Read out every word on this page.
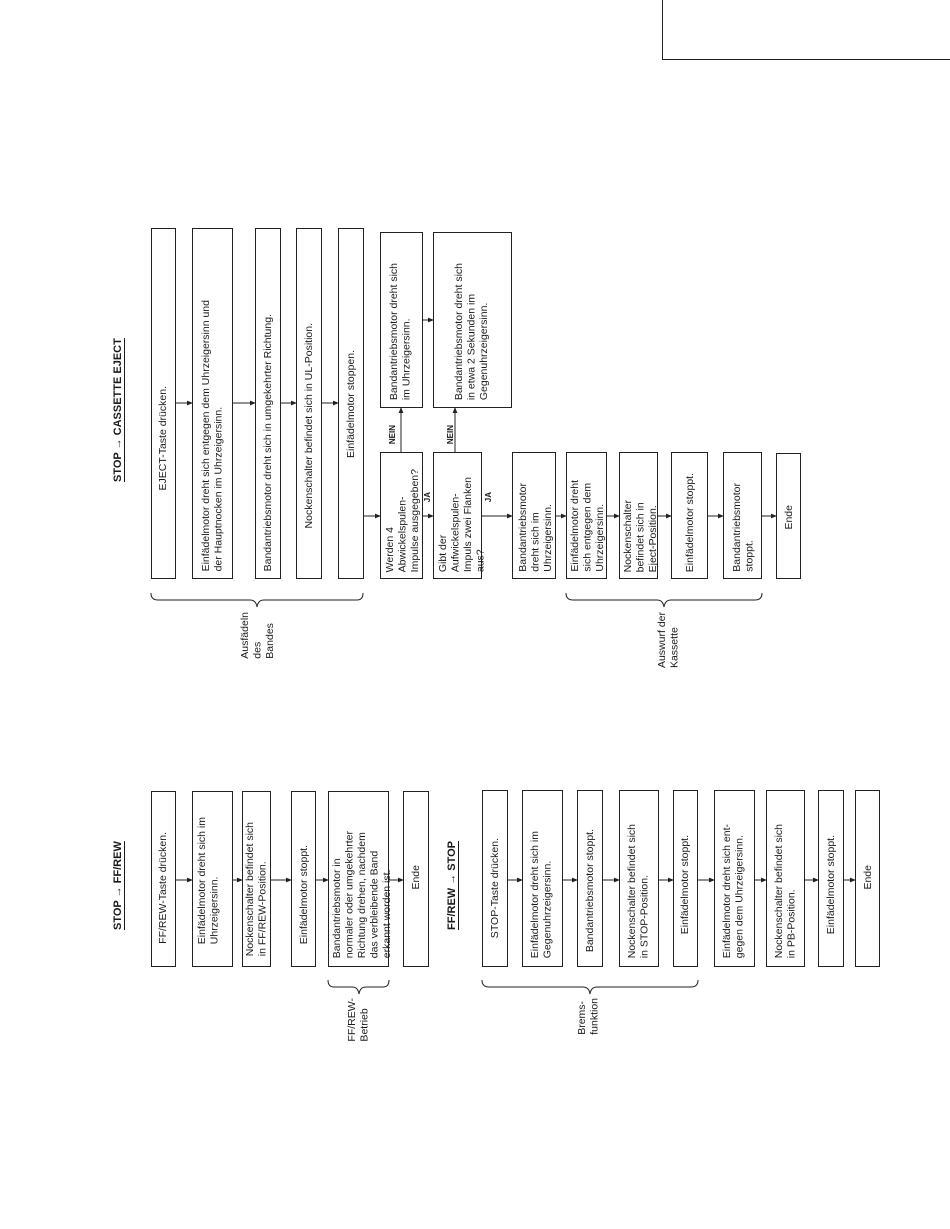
STOP → CASSETTE EJECT	EJECT-Taste drücken.
Einfädelmotor dreht sich entgegen dem Uhrzeigersinn und
der Hauptnocken im Uhrzeigersinn.	Bandantriebsmotor dreht sich in umgekehrter Richtung.	Nockenschalter befindet sich in UL-Position.	Einfädelmotor stoppen.
Werden 4
Abwickelspulen-
Impulse ausgegeben?
NEIN
JA
Bandantriebsmotor dreht sich
im Uhrzeigersinn.
Gibt der
Aufwickelspulen-
Impuls zwei Flanken
aus?
NEIN
JA
Bandantriebsmotor dreht sich
in etwa 2 Sekunden im
Gegenuhrzeigersinn.
Bandantriebsmotor
dreht sich im
Uhrzeigersinn. Einfädelmotor dreht
sich entgegen dem
Uhrzeigersinn. Nockenschalter
befindet sich in
Eject-Position. Einfädelmotor stoppt.	Bandantriebsmotor
stoppt.
Ende
Ausfädeln
des
Bandes	Auswurf der
Kassette
STOP → FF/REW	FF/REW-Taste drücken.	Einfädelmotor dreht sich im
Uhrzeigersinn. Nockenschalter befindet sich
in FF/REW-Position.	Einfädelmotor stoppt. Bandantriebsmotor in
normaler oder umgekehrter
Richtung drehen, nachdem
das verbleibende Band
erkannt worden ist. Ende
FF/REW-
Betrieb
FF/REW → STOP	STOP-Taste drücken.	Einfädelmotor dreht sich im
Gegenuhrzeigersinn.	Bandantriebsmotor stoppt.	Nockenschalter befindet sich
in STOP-Position.	Einfädelmotor stoppt.	Einfädelmotor dreht sich ent-
gegen dem Uhrzeigersinn.
Nockenschalter befindet sich
in PB-Position.	Einfädelmotor stoppt. Ende
Brems-
funktion
